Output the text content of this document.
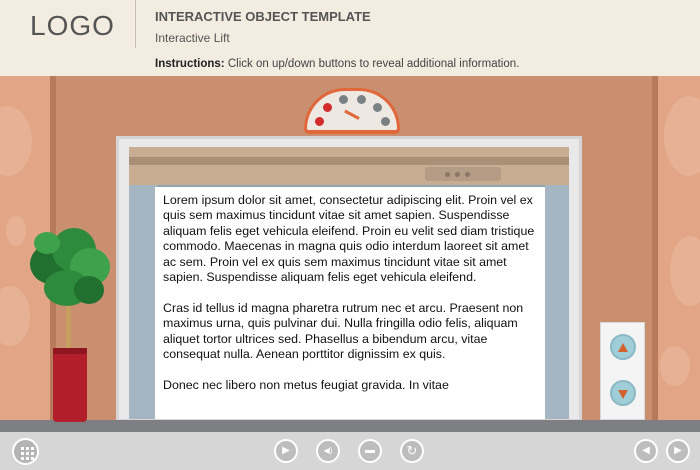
LOGO	INTERACTIVE OBJECT TEMPLATE
Interactive Lift
Instructions: Click on up/down buttons to reveal additional information.

Lorem ipsum dolor sit amet, consectetur adipiscing elit. Proin vel ex quis sem maximus tincidunt vitae sit amet sapien. Suspendisse aliquam felis eget vehicula eleifend. Proin eu velit sed diam tristique commodo. Maecenas in magna quis odio interdum laoreet sit amet ac sem. Proin vel ex quis sem maximus tincidunt vitae sit amet sapien. Suspendisse aliquam felis eget vehicula eleifend.

Cras id tellus id magna pharetra rutrum nec et arcu. Praesent non maximus urna, quis pulvinar dui. Nulla fringilla odio felis, aliquam aliquet tortor ultrices sed. Phasellus a bibendum arcu, vitae consequat nulla. Aenean porttitor dignissim ex quis.

Donec nec libero non metus feugiat gravida. In vitae

▶	◀)	▬	↻	◀	▶
